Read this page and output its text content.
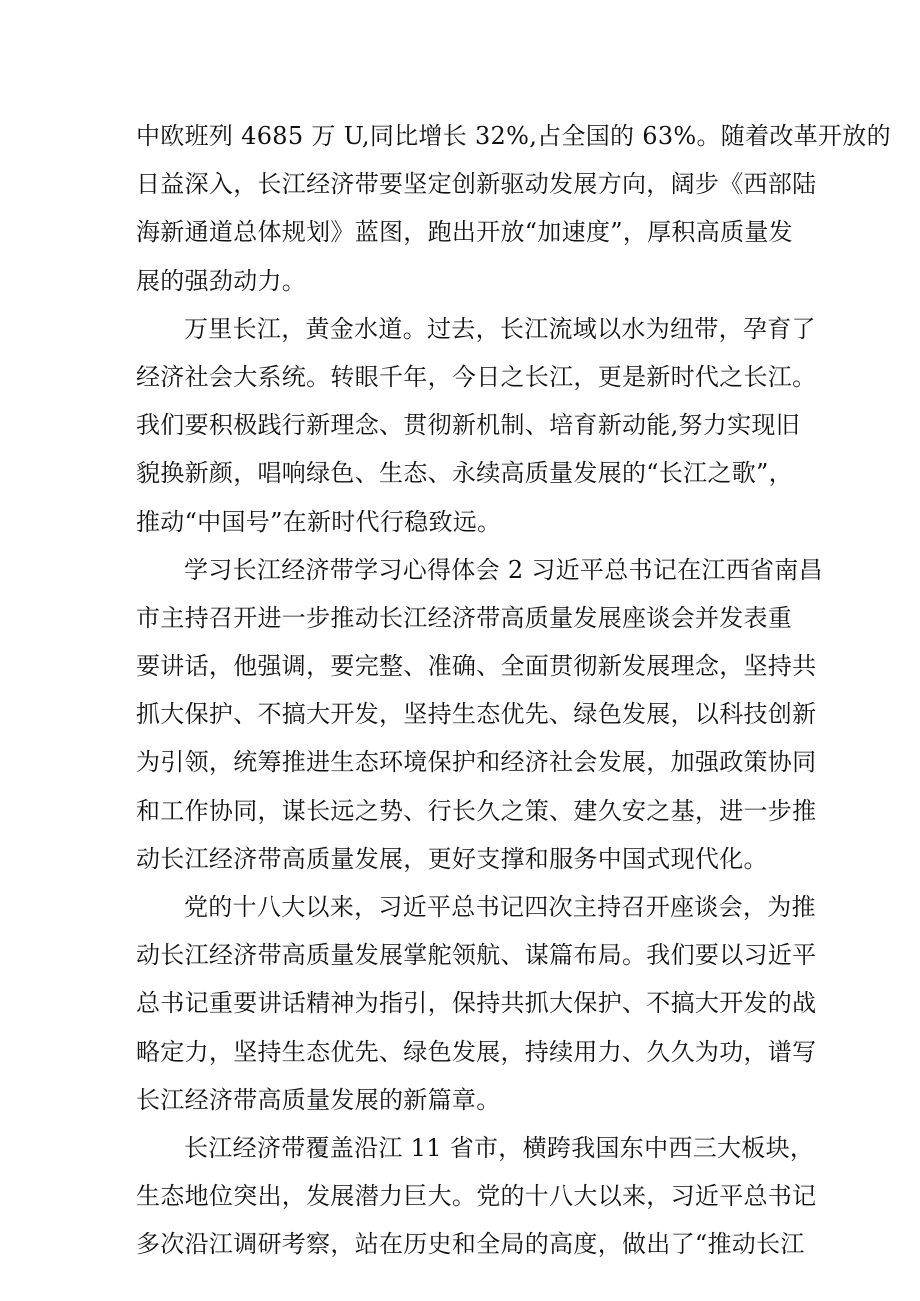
中欧班列 4685 万 U,同比增长 32%,占全国的 63%。随着改革开放的
日益深入，长江经济带要坚定创新驱动发展方向，阔步《西部陆
海新通道总体规划》蓝图，跑出开放“加速度”，厚积高质量发
展的强劲动力。
万里长江，黄金水道。过去，长江流域以水为纽带，孕育了
经济社会大系统。转眼千年，今日之长江，更是新时代之长江。
我们要积极践行新理念、贯彻新机制、培育新动能,努力实现旧
貌换新颜，唱响绿色、生态、永续高质量发展的“长江之歌”，
推动“中国号”在新时代行稳致远。
学习长江经济带学习心得体会 2 习近平总书记在江西省南昌
市主持召开进一步推动长江经济带高质量发展座谈会并发表重
要讲话，他强调，要完整、准确、全面贯彻新发展理念，坚持共
抓大保护、不搞大开发，坚持生态优先、绿色发展，以科技创新
为引领，统筹推进生态环境保护和经济社会发展，加强政策协同
和工作协同，谋长远之势、行长久之策、建久安之基，进一步推
动长江经济带高质量发展，更好支撑和服务中国式现代化。
党的十八大以来，习近平总书记四次主持召开座谈会，为推
动长江经济带高质量发展掌舵领航、谋篇布局。我们要以习近平
总书记重要讲话精神为指引，保持共抓大保护、不搞大开发的战
略定力，坚持生态优先、绿色发展，持续用力、久久为功，谱写
长江经济带高质量发展的新篇章。
长江经济带覆盖沿江 11 省市，横跨我国东中西三大板块，
生态地位突出，发展潜力巨大。党的十八大以来，习近平总书记
多次沿江调研考察，站在历史和全局的高度，做出了“推动长江
